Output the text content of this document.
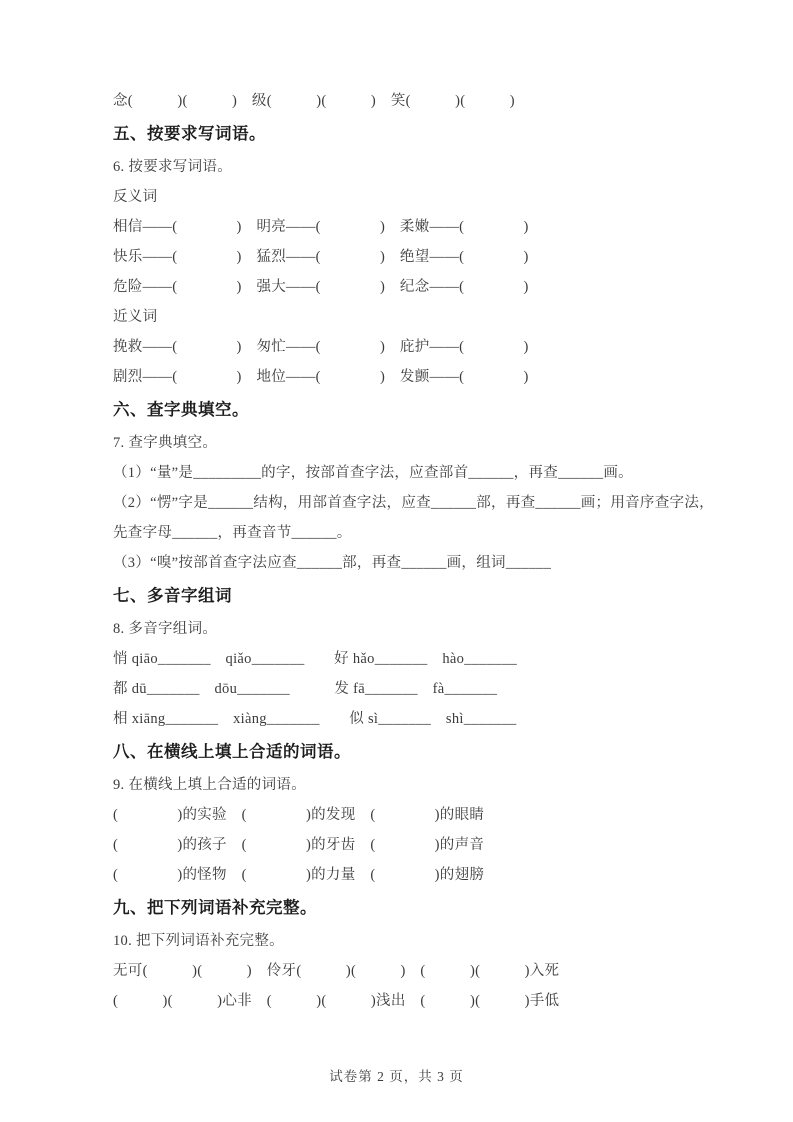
念(　　　)(　　　)　级(　　　)(　　　)　笑(　　　)(　　　)

五、按要求写词语。

6. 按要求写词语。

反义词

相信——(　　　　)　明亮——(　　　　)　柔嫩——(　　　　)

快乐——(　　　　)　猛烈——(　　　　)　绝望——(　　　　)

危险——(　　　　)　强大——(　　　　)　纪念——(　　　　)

近义词

挽救——(　　　　)　匆忙——(　　　　)　庇护——(　　　　)

剧烈——(　　　　)　地位——(　　　　)　发颤——(　　　　)

六、查字典填空。

7. 查字典填空。

（1）“量”是_________的字，按部首查字法，应查部首______，再查______画。

（2）“愣”字是______结构，用部首查字法，应查______部，再查______画；用音序查字法，

先查字母______，再查音节______。

（3）“嗅”按部首查字法应查______部，再查______画，组词______

七、多音字组词

8. 多音字组词。

悄 qiāo_______　qiǎo_______　　好 hǎo_______　hào_______

都 dū_______　dōu_______　　　发 fā_______　fà_______

相 xiāng_______　xiàng_______　　似 sì_______　shì_______

八、在横线上填上合适的词语。

9. 在横线上填上合适的词语。

(　　　　)的实验　(　　　　)的发现　(　　　　)的眼睛

(　　　　)的孩子　(　　　　)的牙齿　(　　　　)的声音

(　　　　)的怪物　(　　　　)的力量　(　　　　)的翅膀

九、把下列词语补充完整。

10. 把下列词语补充完整。

无可(　　　)(　　　)　伶牙(　　　)(　　　)　(　　　)(　　　)入死

(　　　)(　　　)心非　(　　　)(　　　)浅出　(　　　)(　　　)手低

试卷第 2 页，共 3 页
